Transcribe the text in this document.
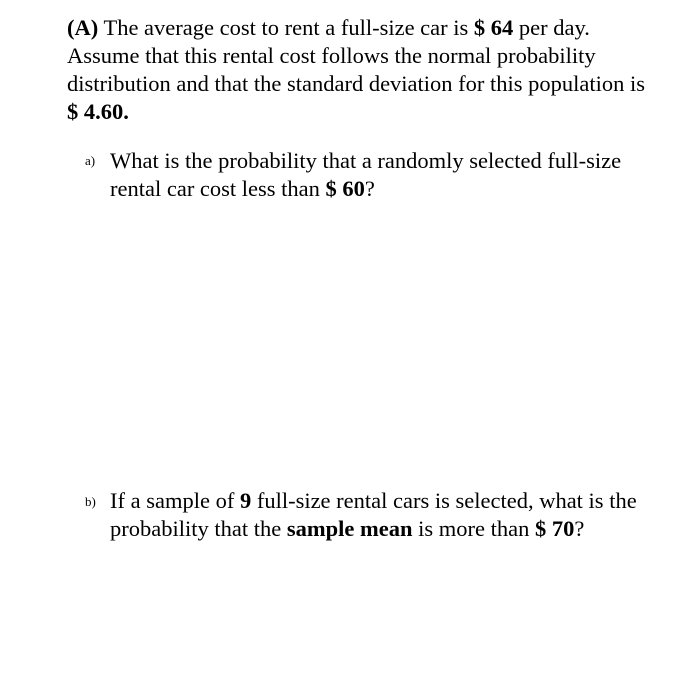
(A) The average cost to rent a full-size car is $ 64 per day.
Assume that this rental cost follows the normal probability
distribution and that the standard deviation for this population is
$ 4.60.
a) What is the probability that a randomly selected full-size
rental car cost less than $ 60?
b) If a sample of 9 full-size rental cars is selected, what is the
probability that the sample mean is more than $ 70?
